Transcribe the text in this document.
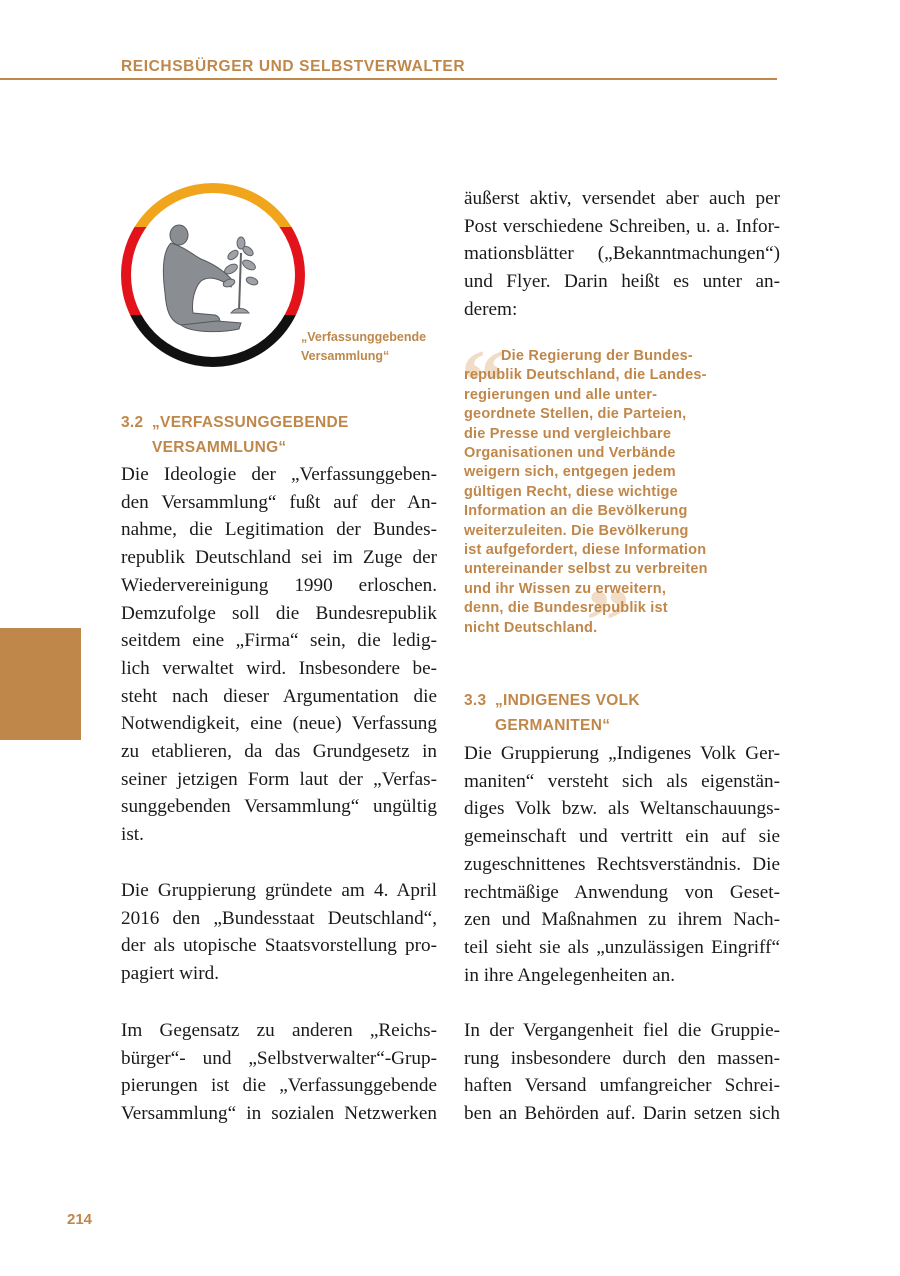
REICHSBÜRGER UND SELBSTVERWALTER
„Verfassunggebende
Versammlung“
3.2 „VERFASSUNGGEBENDE
VERSAMMLUNG“
Die Ideologie der „Verfassunggeben-
den Versammlung“ fußt auf der An-
nahme, die Legitimation der Bundes-
republik Deutschland sei im Zuge der
Wiedervereinigung 1990 erloschen.
Demzufolge soll die Bundesrepublik
seitdem eine „Firma“ sein, die ledig-
lich verwaltet wird. Insbesondere be-
steht nach dieser Argumentation die
Notwendigkeit, eine (neue) Verfassung
zu etablieren, da das Grundgesetz in
seiner jetzigen Form laut der „Verfas-
sunggebenden Versammlung“ ungültig
ist.
Die Gruppierung gründete am 4. April
2016 den „Bundesstaat Deutschland“,
der als utopische Staatsvorstellung pro-
pagiert wird.
Im Gegensatz zu anderen „Reichs-
bürger“- und „Selbstverwalter“-Grup-
pierungen ist die „Verfassunggebende
Versammlung“ in sozialen Netzwerken
äußerst aktiv, versendet aber auch per
Post verschiedene Schreiben, u. a. Infor-
mationsblätter („Bekanntmachungen“)
und Flyer. Darin heißt es unter an-
derem:
“
”
Die Regierung der Bundes-
republik Deutschland, die Landes-
regierungen und alle unter-
geordnete Stellen, die Parteien,
die Presse und vergleichbare
Organisationen und Verbände
weigern sich, entgegen jedem
gültigen Recht, diese wichtige
Information an die Bevölkerung
weiterzuleiten. Die Bevölkerung
ist aufgefordert, diese Information
untereinander selbst zu verbreiten
und ihr Wissen zu erweitern,
denn, die Bundesrepublik ist
nicht Deutschland.
3.3 „INDIGENES VOLK
GERMANITEN“
Die Gruppierung „Indigenes Volk Ger-
maniten“ versteht sich als eigenstän-
diges Volk bzw. als Weltanschauungs-
gemeinschaft und vertritt ein auf sie
zugeschnittenes Rechtsverständnis. Die
rechtmäßige Anwendung von Geset-
zen und Maßnahmen zu ihrem Nach-
teil sieht sie als „unzulässigen Eingriff“
in ihre Angelegenheiten an.
In der Vergangenheit fiel die Gruppie-
rung insbesondere durch den massen-
haften Versand umfangreicher Schrei-
ben an Behörden auf. Darin setzen sich
214
